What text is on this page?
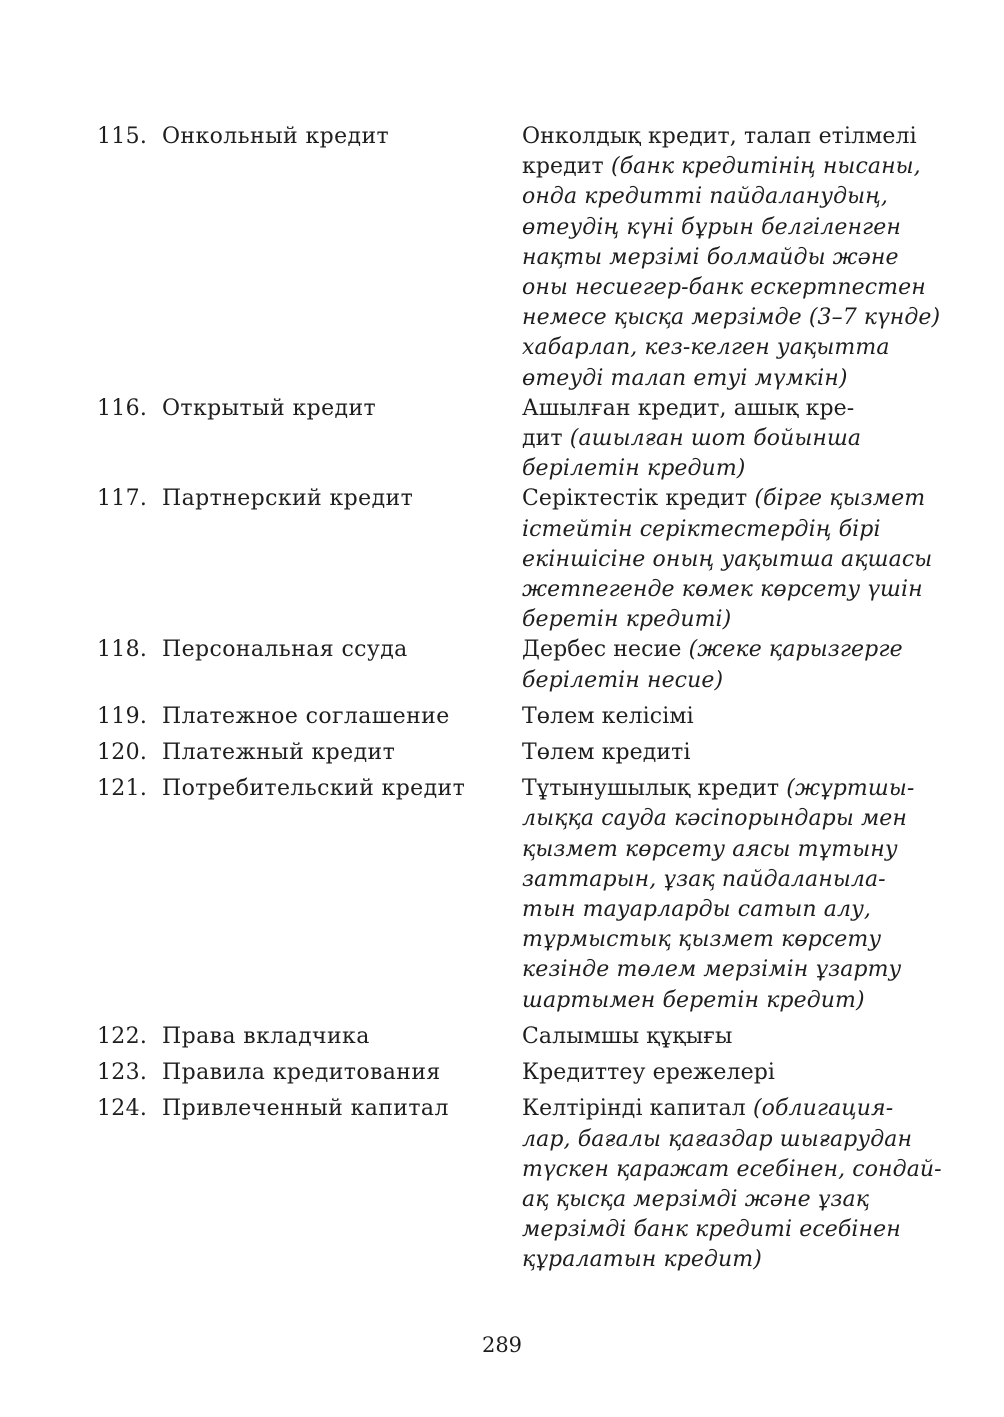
115. Онкольный кредит	Онколдық кредит, талап етілмелі
кредит (банк кредитінің нысаны,
онда кредитті пайдаланудың,
өтеудің күні бұрын белгіленген
нақты мерзімі болмайды және
оны несиегер-банк ескертпестен
немесе қысқа мерзімде (3–7 күнде)
хабарлап, кез-келген уақытта
өтеуді талап етуі мүмкін)
116. Открытый кредит	Ашылған кредит, ашық кре-
дит (ашылған шот бойынша
берілетін кредит)
117. Партнерский кредит	Серіктестік кредит (бірге қызмет
істейтін серіктестердің бірі
екіншісіне оның уақытша ақшасы
жетпегенде көмек көрсету үшін
беретін кредиті)
118. Персональная ссуда	Дербес несие (жеке қарызгерге
берілетін несие)
119. Платежное соглашение	Төлем келісімі
120. Платежный кредит	Төлем кредиті
121. Потребительский кредит	Тұтынушылық кредит (жұртшы-
лыққа сауда кәсіпорындары мен
қызмет көрсету аясы тұтыну
заттарын, ұзақ пайдаланыла-
тын тауарларды сатып алу,
тұрмыстық қызмет көрсету
кезінде төлем мерзімін ұзарту
шартымен беретін кредит)
122. Права вкладчика	Салымшы құқығы
123. Правила кредитования	Кредиттеу ережелері
124. Привлеченный капитал	Келтірінді капитал (облигация-
лар, бағалы қағаздар шығарудан
түскен қаражат есебінен, сондай-
ақ қысқа мерзімді және ұзақ
мерзімді банк кредиті есебінен
құралатын кредит)
289
